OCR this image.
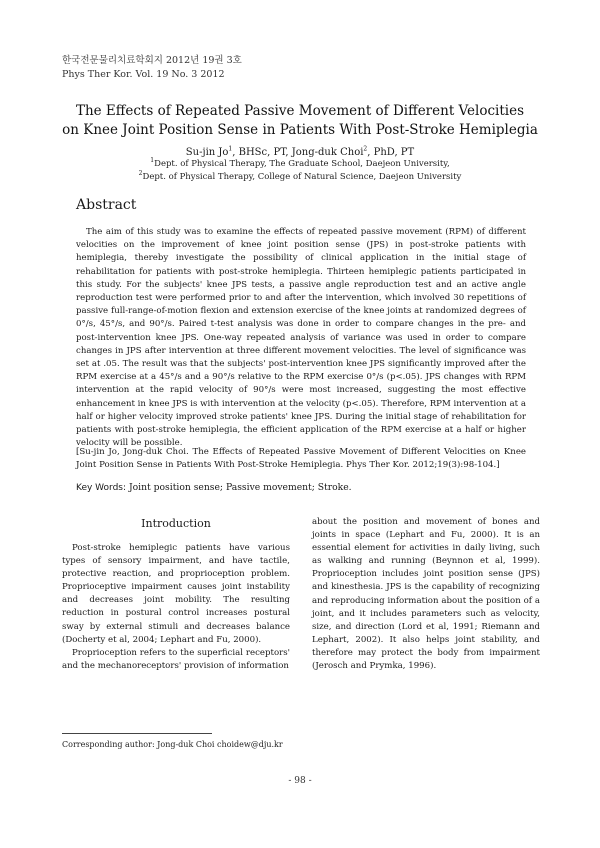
한국전문물리치료학회지 2012년 19권 3호
Phys Ther Kor. Vol. 19 No. 3 2012
The Effects of Repeated Passive Movement of Different Velocities
on Knee Joint Position Sense in Patients With Post-Stroke Hemiplegia
Su-jin Jo$^1$, BHSc, PT, Jong-duk Choi$^2$, PhD, PT
$^1$Dept. of Physical Therapy, The Graduate School, Daejeon University,
$^2$Dept. of Physical Therapy, College of Natural Science, Daejeon University
Abstract
The aim of this study was to examine the effects of repeated passive movement (RPM) of different velocities on the improvement of knee joint position sense (JPS) in post-stroke patients with hemiplegia, thereby investigate the possibility of clinical application in the initial stage of rehabilitation for patients with post-stroke hemiplegia. Thirteen hemiplegic patients participated in this study. For the subjects' knee JPS tests, a passive angle reproduction test and an active angle reproduction test were performed prior to and after the intervention, which involved 30 repetitions of passive full-range-of-motion flexion and extension exercise of the knee joints at randomized degrees of 0°/s, 45°/s, and 90°/s. Paired t-test analysis was done in order to compare changes in the pre- and post-intervention knee JPS. One-way repeated analysis of variance was used in order to compare changes in JPS after intervention at three different movement velocities. The level of significance was set at .05. The result was that the subjects' post-intervention knee JPS significantly improved after the RPM exercise at a 45°/s and a 90°/s relative to the RPM exercise 0°/s (p<.05). JPS changes with RPM intervention at the rapid velocity of 90°/s were most increased, suggesting the most effective enhancement in knee JPS is with intervention at the velocity (p<.05). Therefore, RPM intervention at a half or higher velocity improved stroke patients' knee JPS. During the initial stage of rehabilitation for patients with post-stroke hemiplegia, the efficient application of the RPM exercise at a half or higher velocity will be possible.
[Su-jin Jo, Jong-duk Choi. The Effects of Repeated Passive Movement of Different Velocities on Knee Joint Position Sense in Patients With Post-Stroke Hemiplegia. Phys Ther Kor. 2012;19(3):98-104.]
Key Words: Joint position sense; Passive movement; Stroke.
Introduction

Post-stroke hemiplegic patients have various types of sensory impairment, and have tactile, protective reaction, and proprioception problem. Proprioceptive impairment causes joint instability and decreases joint mobility. The resulting reduction in postural control increases postural sway by external stimuli and decreases balance (Docherty et al, 2004; Lephart and Fu, 2000).

Proprioception refers to the superficial receptors' and the mechanoreceptors' provision of information

about the position and movement of bones and joints in space (Lephart and Fu, 2000). It is an essential element for activities in daily living, such as walking and running (Beynnon et al, 1999). Proprioception includes joint position sense (JPS) and kinesthesia. JPS is the capability of recognizing and reproducing information about the position of a joint, and it includes parameters such as velocity, size, and direction (Lord et al, 1991; Riemann and Lephart, 2002). It also helps joint stability, and therefore may protect the body from impairment (Jerosch and Prymka, 1996).

Corresponding author: Jong-duk Choi choidew@dju.kr
- 98 -
